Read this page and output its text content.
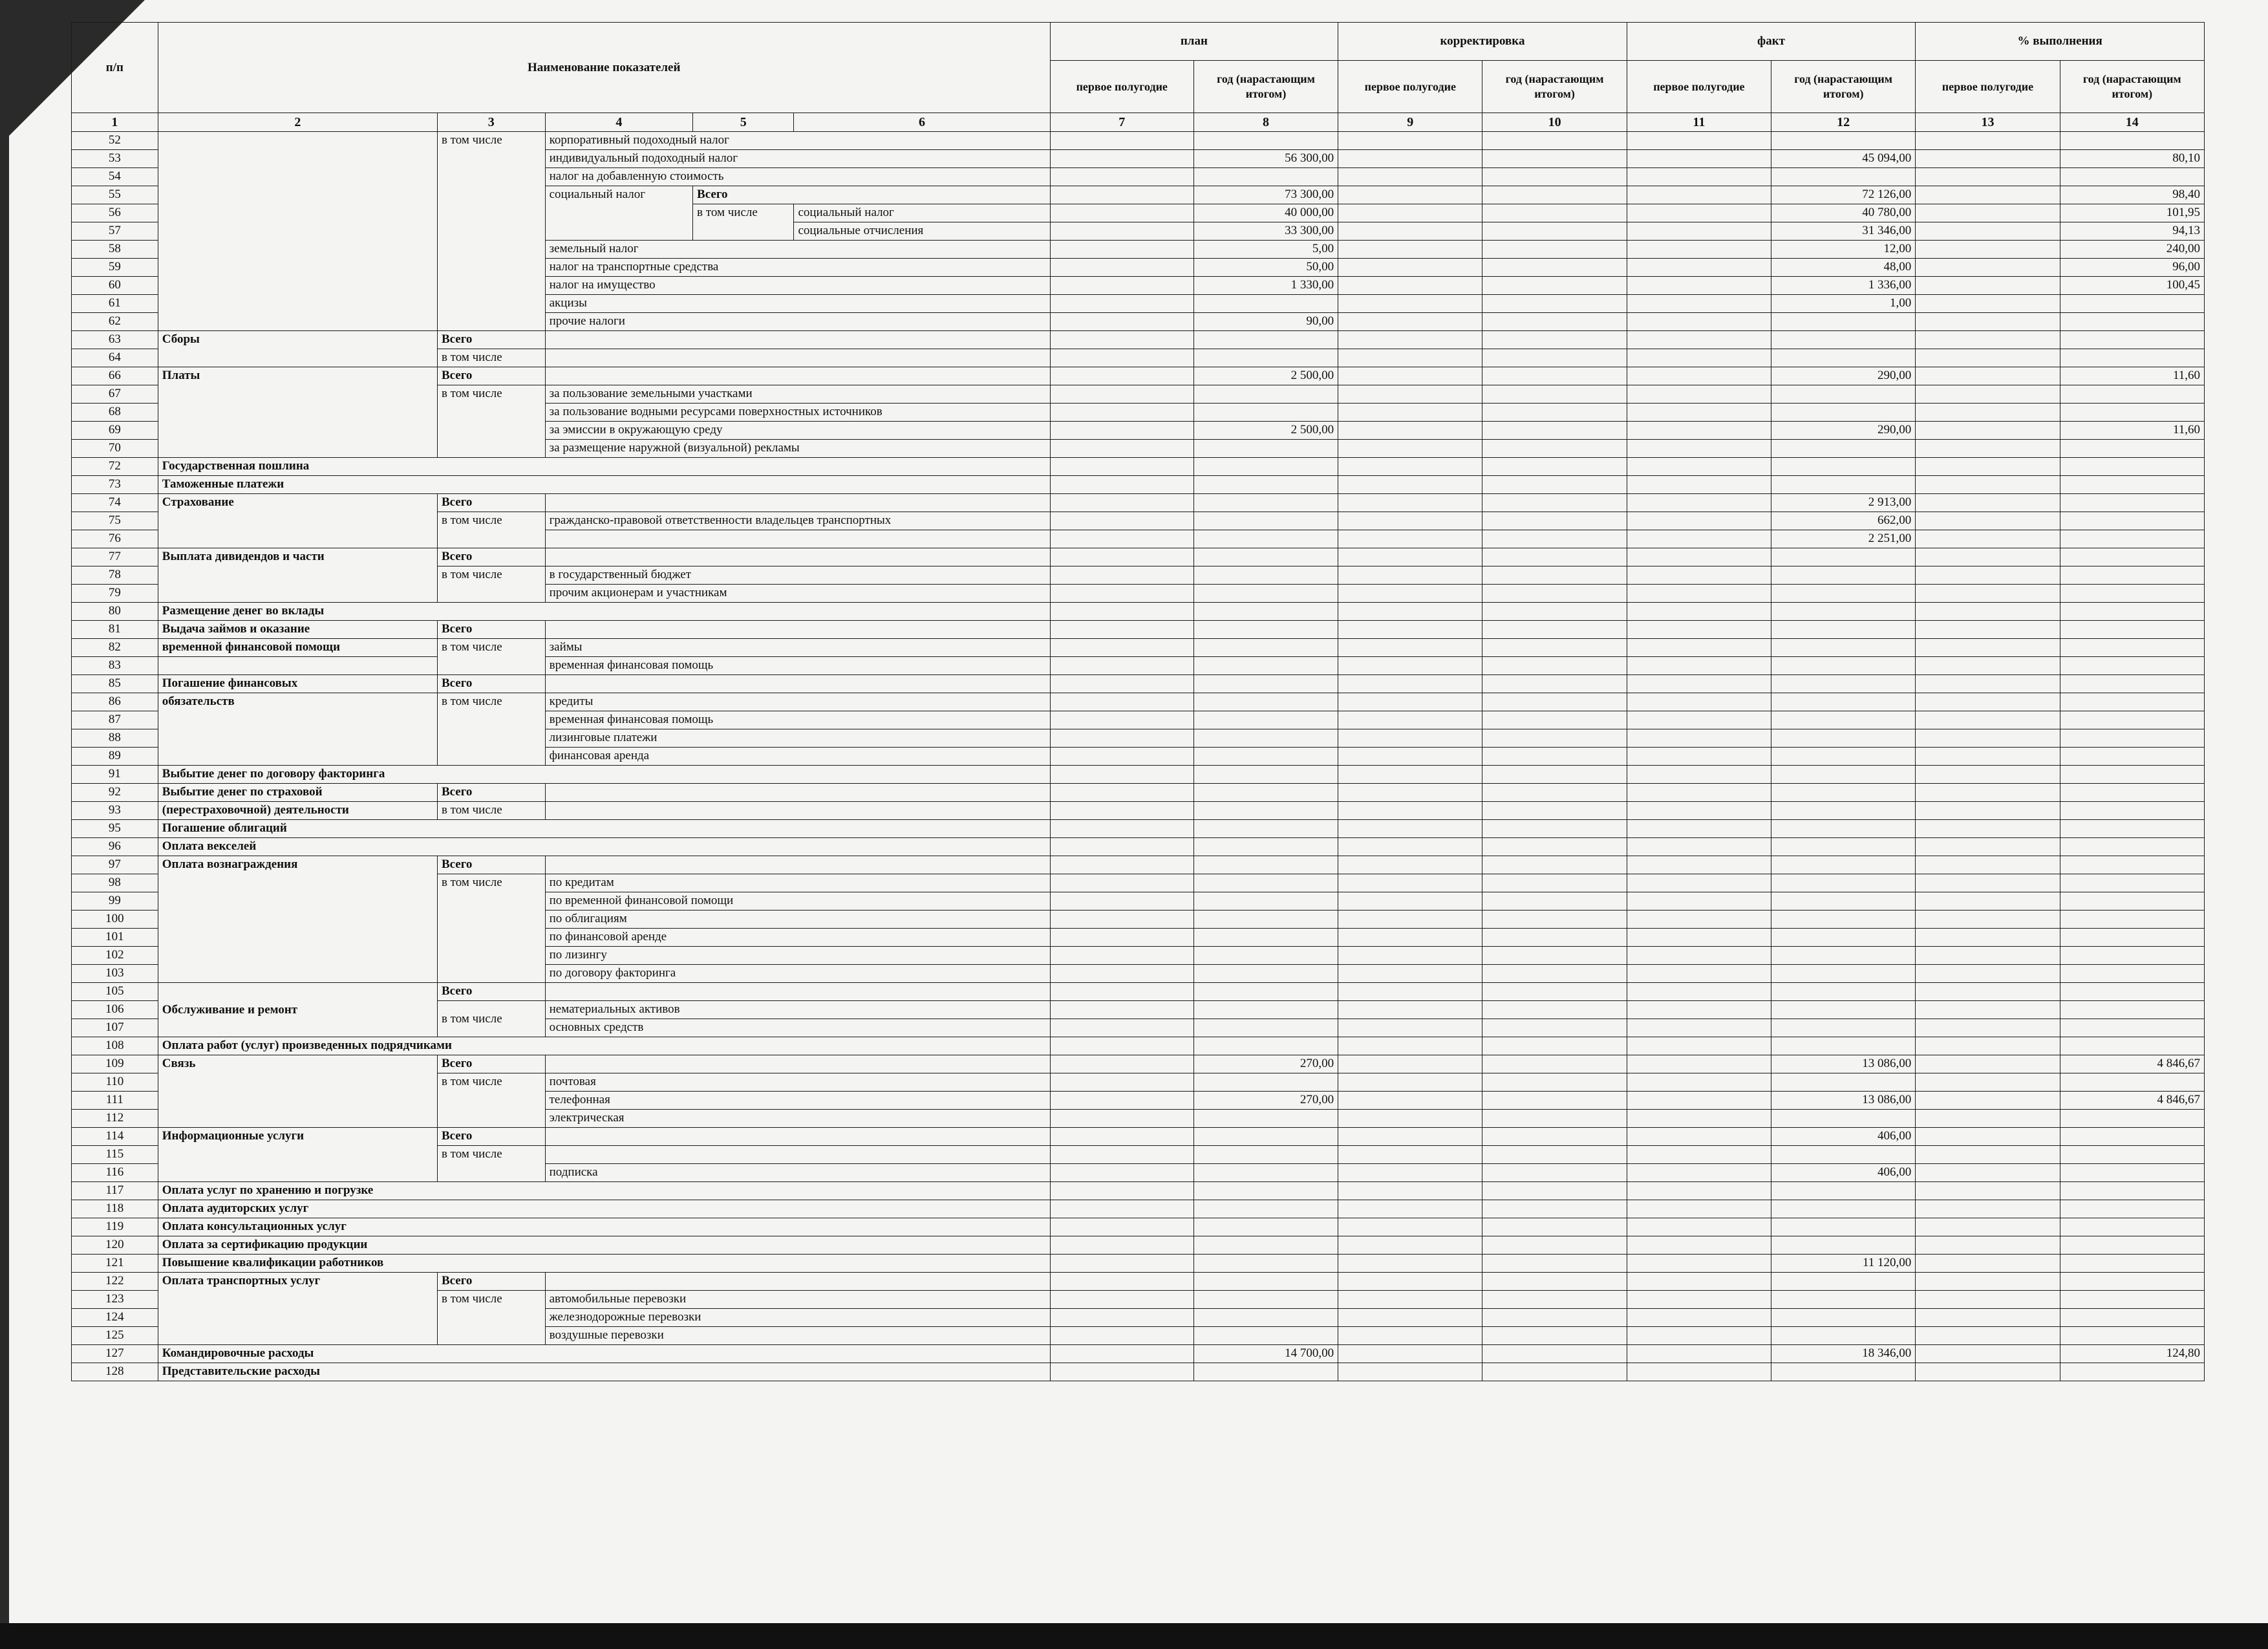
п/п	Наименование показателей					план		корректировка		факт		% выполнения	
						первое полугодие	год (нарастающим итогом)	первое полугодие	год (нарастающим итогом)	первое полугодие	год (нарастающим итогом)	первое полугодие	год (нарастающим итогом)
1	2	3	4	5	6	7	8	9	10	11	12	13	14
52		в том числе	корпоративный подоходный налог										
53			индивидуальный подоходный налог				56 300,00				45 094,00		80,10
54			налог на добавленную стоимость										
55			социальный налог	Всего			73 300,00				72 126,00		98,40
56				в том числе	социальный налог		40 000,00				40 780,00		101,95
57					социальные отчисления		33 300,00				31 346,00		94,13
58			земельный налог				5,00				12,00		240,00
59			налог на транспортные средства				50,00				48,00		96,00
60			налог на имущество				1 330,00				1 336,00		100,45
61			акцизы								1,00		
62			прочие налоги				90,00						
63	Сборы	Всего											
64		в том числе											
66	Платы	Всего					2 500,00				290,00		11,60
67		в том числе	за пользование земельными участками										
68			за пользование водными ресурсами поверхностных источников										
69			за эмиссии в окружающую среду				2 500,00				290,00		11,60
70			за размещение наружной (визуальной) рекламы										
72	Государственная пошлина												
73	Таможенные платежи												
74	Страхование	Всего									2 913,00		
75		в том числе	гражданско-правовой ответственности владельцев транспортных								662,00		
76											2 251,00		
77	Выплата дивидендов и части	Всего											
78		в том числе	в государственный бюджет										
79			прочим акционерам и участникам										
80	Размещение денег во вклады												
81	Выдача займов и оказание	Всего											
82	временной финансовой помощи	в том числе	займы										
83			временная финансовая помощь										
85	Погашение финансовых	Всего											
86	обязательств	в том числе	кредиты										
87			временная финансовая помощь										
88			лизинговые платежи										
89			финансовая аренда										
91	Выбытие денег по договору факторинга												
92	Выбытие денег по страховой	Всего											
93	(перестраховочной) деятельности	в том числе											
95	Погашение облигаций												
96	Оплата векселей												
97	Оплата вознаграждения	Всего											
98		в том числе	по кредитам										
99			по временной финансовой помощи										
100			по облигациям										
101			по финансовой аренде										
102			по лизингу										
103			по договору факторинга										
105	Обслуживание и ремонт	Всего											
106		в том числе	нематериальных активов										
107			основных средств										
108	Оплата работ (услуг) произведенных подрядчиками												
109	Связь	Всего					270,00				13 086,00		4 846,67
110		в том числе	почтовая										
111			телефонная				270,00				13 086,00		4 846,67
112			электрическая										
114	Информационные услуги	Всего									406,00		
115		в том числе											
116			подписка								406,00		
117	Оплата услуг по хранению и погрузке												
118	Оплата аудиторских услуг												
119	Оплата консультационных услуг												
120	Оплата за сертификацию продукции												
121	Повышение квалификации работников										11 120,00		
122	Оплата транспортных услуг	Всего											
123		в том числе	автомобильные перевозки										
124			железнодорожные перевозки										
125			воздушные перевозки										
127	Командировочные расходы						14 700,00				18 346,00		124,80
128	Представительские расходы												
